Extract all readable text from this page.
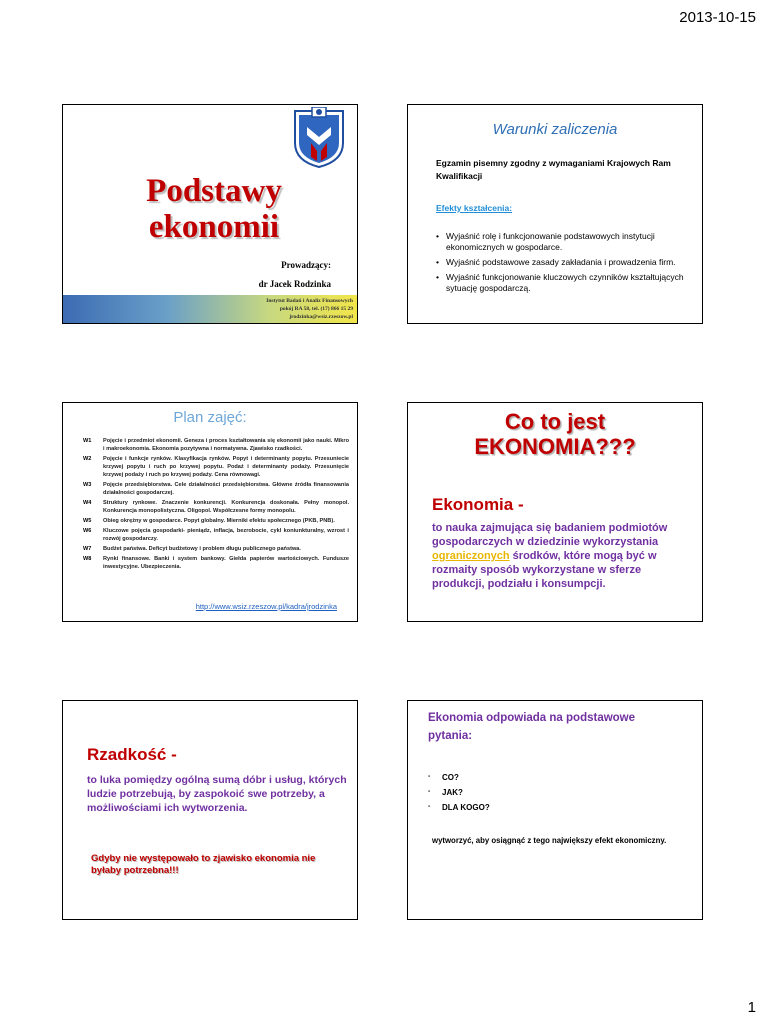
2013-10-15
Podstawy
ekonomii
Prowadzący:
dr Jacek Rodzinka
Instytut Badań i Analiz Finansowych
pokój RA 58, tel. (17) 866 15 29
jrodzinka@wsiz.rzeszow.pl
Warunki zaliczenia
Egzamin pisemny zgodny z wymaganiami Krajowych Ram Kwalifikacji
Efekty kształcenia:
• Wyjaśnić rolę i funkcjonowanie podstawowych instytucji ekonomicznych w gospodarce.
• Wyjaśnić podstawowe zasady zakładania i prowadzenia firm.
• Wyjaśnić funkcjonowanie kluczowych czynników kształtujących sytuację gospodarczą.
Plan zajęć:
W1	Pojęcie i przedmiot ekonomii. Geneza i proces kształtowania się ekonomii jako nauki. Mikro i makroekonomia. Ekonomia pozytywna i normatywna. Zjawisko rzadkości.
W2	Pojęcie i funkcje rynków. Klasyfikacja rynków. Popyt i determinanty popytu. Przesuniecie krzywej popytu i ruch po krzywej popytu. Podaż i determinanty podaży. Przesunięcie krzywej podaży i ruch po krzywej podaży. Cena równowagi.
W3	Pojęcie przedsiębiorstwa. Cele działalności przedsiębiorstwa. Główne źródła finansowania działalności gospodarczej.
W4	Struktury rynkowe. Znaczenie konkurencji. Konkurencja doskonała. Pełny monopol. Konkurencja monopolistyczna. Oligopol. Współczesne formy monopolu.
W5	Obieg okrężny w gospodarce. Popyt globalny. Mierniki efektu społecznego (PKB, PNB).
W6	Kluczowe pojęcia gospodarki- pieniądz, inflacja, bezrobocie, cykl koniunkturalny, wzrost i rozwój gospodarczy.
W7	Budżet państwa. Deficyt budżetowy i problem długu publicznego państwa.
W8	Rynki finansowe. Banki i system bankowy. Giełda papierów wartościowych. Fundusze inwestycyjne. Ubezpieczenia.
http://www.wsiz.rzeszow.pl/kadra/jrodzinka
Co to jest
EKONOMIA???
Ekonomia -
to nauka zajmująca się badaniem podmiotów gospodarczych w dziedzinie wykorzystania ograniczonych środków, które mogą być w rozmaity sposób wykorzystane w sferze produkcji, podziału i konsumpcji.
Rzadkość -
to luka pomiędzy ogólną sumą dóbr i usług, których ludzie potrzebują, by zaspokoić swe potrzeby, a możliwościami ich wytworzenia.
Gdyby nie występowało to zjawisko ekonomia nie byłaby potrzebna!!!
Ekonomia odpowiada na podstawowe pytania:
- CO?
- JAK?
- DLA KOGO?
wytworzyć, aby osiągnąć z tego największy efekt ekonomiczny.
1
